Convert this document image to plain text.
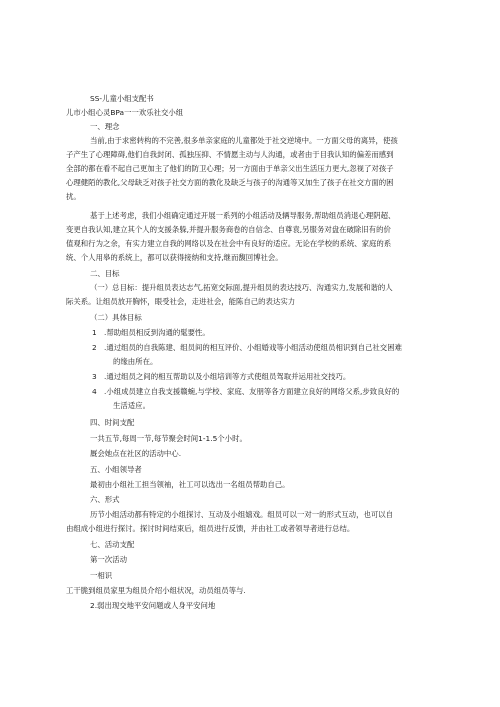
SS-儿童小组支配书
儿市小组心灵BPa一一欢乐社交小组
一、理念
当前,由于求密转构的不完善,很多单亲家庭的儿童都处于社交逆境中。一方面父母的离异，使孩
子产生了心理障碍,他们自我封闭、孤独压抑、不情愿主动与人沟通，或者由于目我认知的偏差而感到
全部的都在看不起自己更加主了他们的防卫心理；另一方面由于单亲父出生活压力更大,忽视了对孩子
心理健陌的教化,父母缺乏对孩子社交方面的教化及缺乏与孩子的沟通等又加生了孩子在社交方面的困
扰。
基于上述考虑，我们小组确定通过开展一系列的小组活动及辆导服务,帮助组员消退心理阴超、
变更自我认知,建立其个人的支援条躲,并提升服务商卷的自信念、自尊袁,另服务对盘在破除旧有的价
值观和行为之余，有实力建立自我的网络以及在社会中有良好的适应。无论在学校的系统、家庭的系
统、个人用皋的系统上，都可以获得接纳和支持,继而馥回博社会。
二、目标
（一）总目标：提升组员表达志气,拓宽交际面,提升组员的表达技巧、沟通实力,发展和谐的人
际关系。让组员放开胸怀，眼受社会，走进社会，能陈自己的表达实力
（二）具体目标
1 .帮助组员相反到沟通的髦要性。
2 .通过组员的自我陈建、组员间的相互评价、小组婚戏等小组活动使组员相识到自己社交困难
的缘由所在。
3 .通过组员之间的相互帮助以及小组培训等方式使组员驾取并运用社交技巧。
4 .小组成员建立自我支援赣蜿,与学校、家庭、友朋等各方面建立良好的网络父系,步致良好的
生活适应。
四、时间支配
一共五节,每周一节,每节聚会时间1-1.5个小时。
厩会她点在社区的活动中心.
五、小组领导者
最初由小组社工担当领袖，社工可以选出一名组员帮助自己。
六、形式
历节小组活动都有特定的小组探讨、互动及小组嬉戏。组员可以一对一的形式互动，也可以自
由组成小组进行探讨。探讨时间结束后，组员进行反馈，并由社工或者领导者进行总结。
七、活动支配
第一次活动
一相识
工干脆到组员家里为组员介绍小组状况，动员组员等与.
2.弱出现交地平安问题或人身平安问地
